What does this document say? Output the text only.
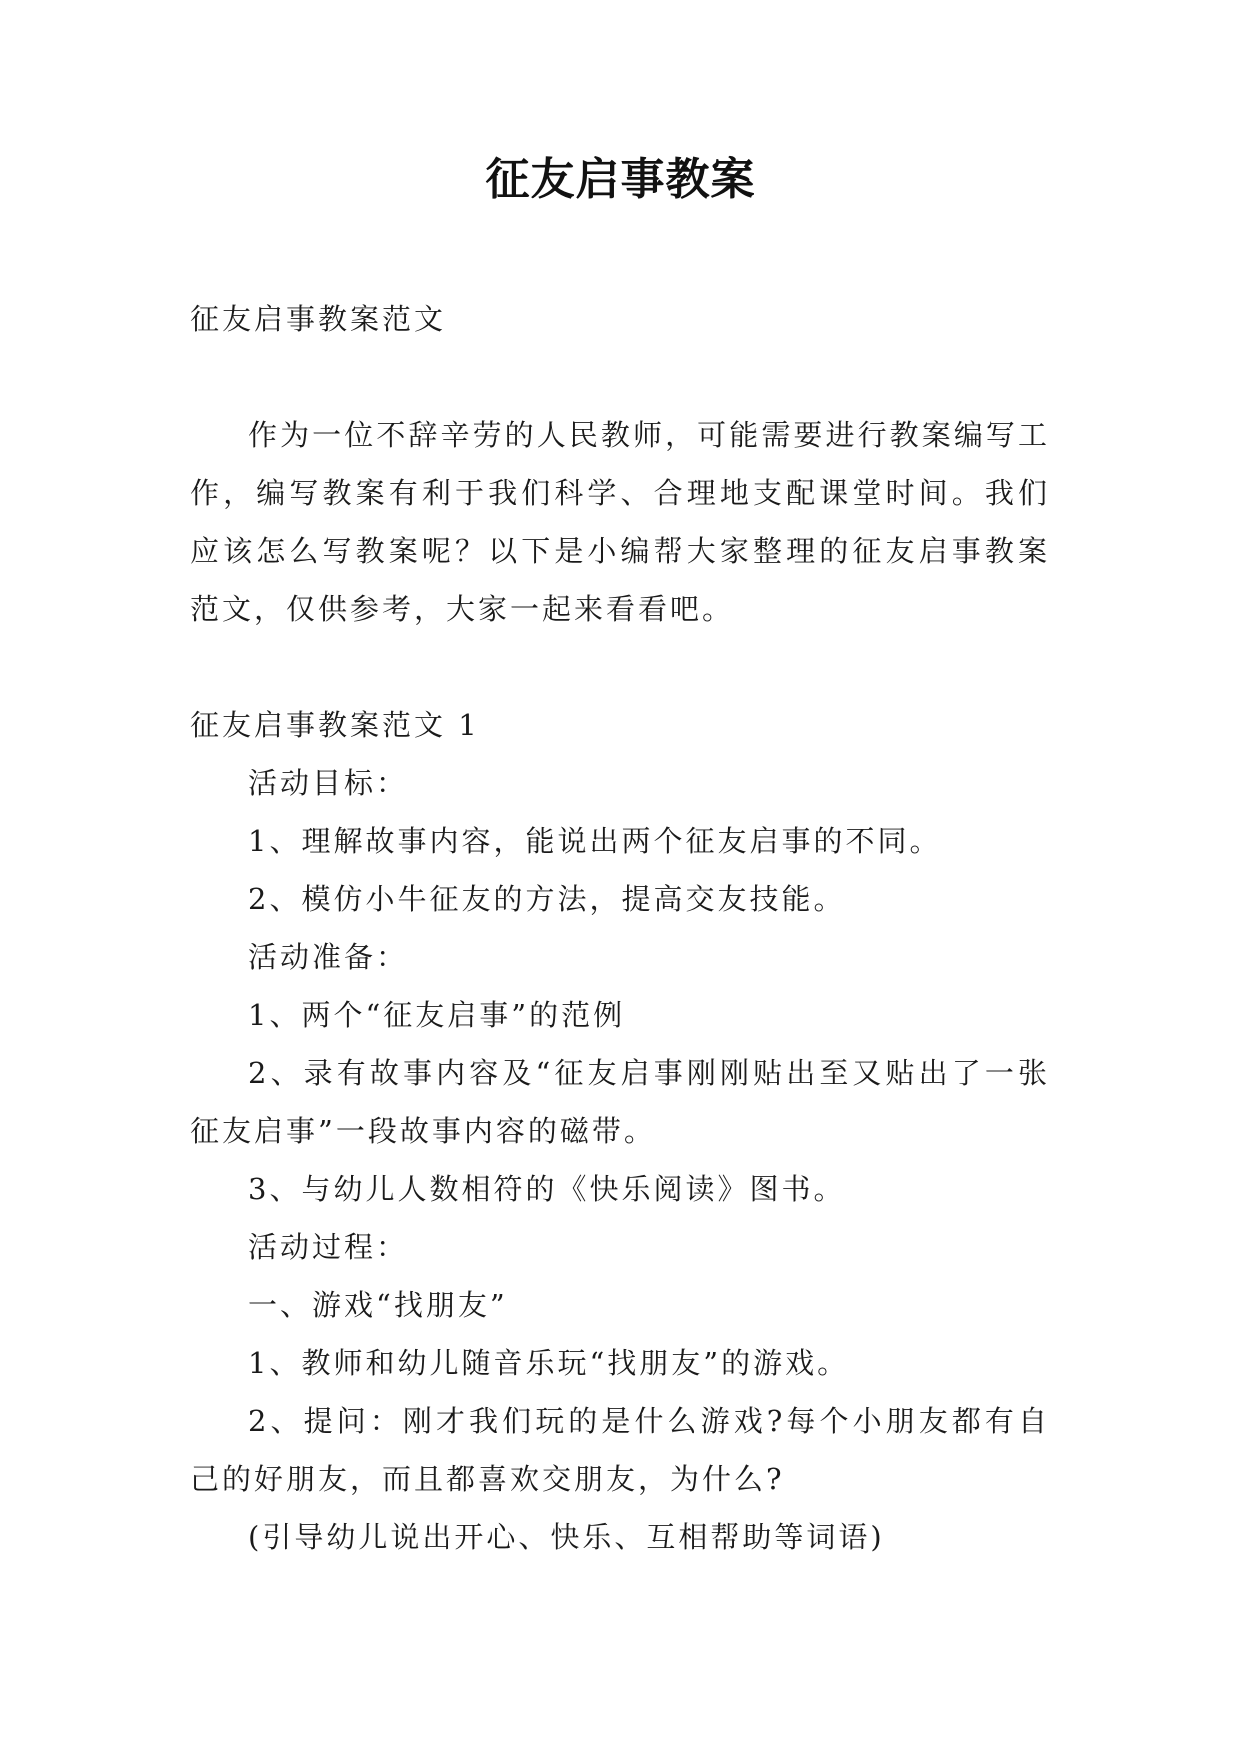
征友启事教案

征友启事教案范文

作为一位不辞辛劳的人民教师，可能需要进行教案编写工作，编写教案有利于我们科学、合理地支配课堂时间。我们应该怎么写教案呢？以下是小编帮大家整理的征友启事教案范文，仅供参考，大家一起来看看吧。

征友启事教案范文 1

活动目标：

1、理解故事内容，能说出两个征友启事的不同。

2、模仿小牛征友的方法，提高交友技能。

活动准备：

1、两个“征友启事”的范例

2、录有故事内容及“征友启事刚刚贴出至又贴出了一张征友启事”一段故事内容的磁带。

3、与幼儿人数相符的《快乐阅读》图书。

活动过程：

一、游戏“找朋友”

1、教师和幼儿随音乐玩“找朋友”的游戏。

2、提问：刚才我们玩的是什么游戏?每个小朋友都有自己的好朋友，而且都喜欢交朋友，为什么?

(引导幼儿说出开心、快乐、互相帮助等词语)
